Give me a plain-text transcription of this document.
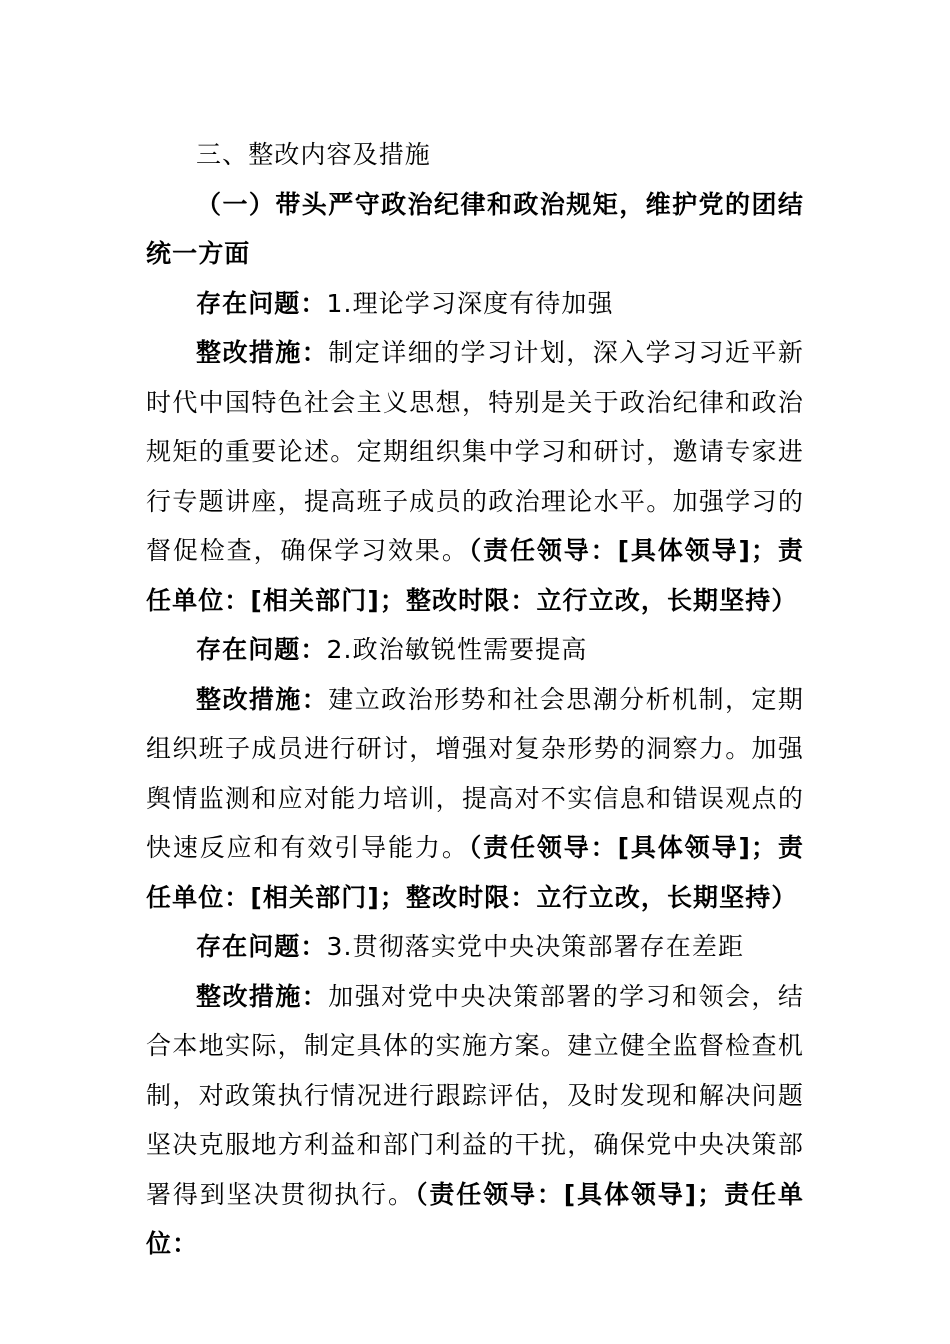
三、整改内容及措施

（一）带头严守政治纪律和政治规矩，维护党的团结统一方面

存在问题：1.理论学习深度有待加强

整改措施：制定详细的学习计划，深入学习习近平新时代中国特色社会主义思想，特别是关于政治纪律和政治规矩的重要论述。定期组织集中学习和研讨，邀请专家进行专题讲座，提高班子成员的政治理论水平。加强学习的督促检查，确保学习效果。（责任领导：[具体领导]；责任单位：[相关部门]；整改时限：立行立改，长期坚持）

存在问题：2.政治敏锐性需要提高

整改措施：建立政治形势和社会思潮分析机制，定期组织班子成员进行研讨，增强对复杂形势的洞察力。加强舆情监测和应对能力培训，提高对不实信息和错误观点的快速反应和有效引导能力。（责任领导：[具体领导]；责任单位：[相关部门]；整改时限：立行立改，长期坚持）

存在问题：3.贯彻落实党中央决策部署存在差距

整改措施：加强对党中央决策部署的学习和领会，结合本地实际，制定具体的实施方案。建立健全监督检查机制，对政策执行情况进行跟踪评估，及时发现和解决问题坚决克服地方利益和部门利益的干扰，确保党中央决策部署得到坚决贯彻执行。（责任领导：[具体领导]；责任单位：
